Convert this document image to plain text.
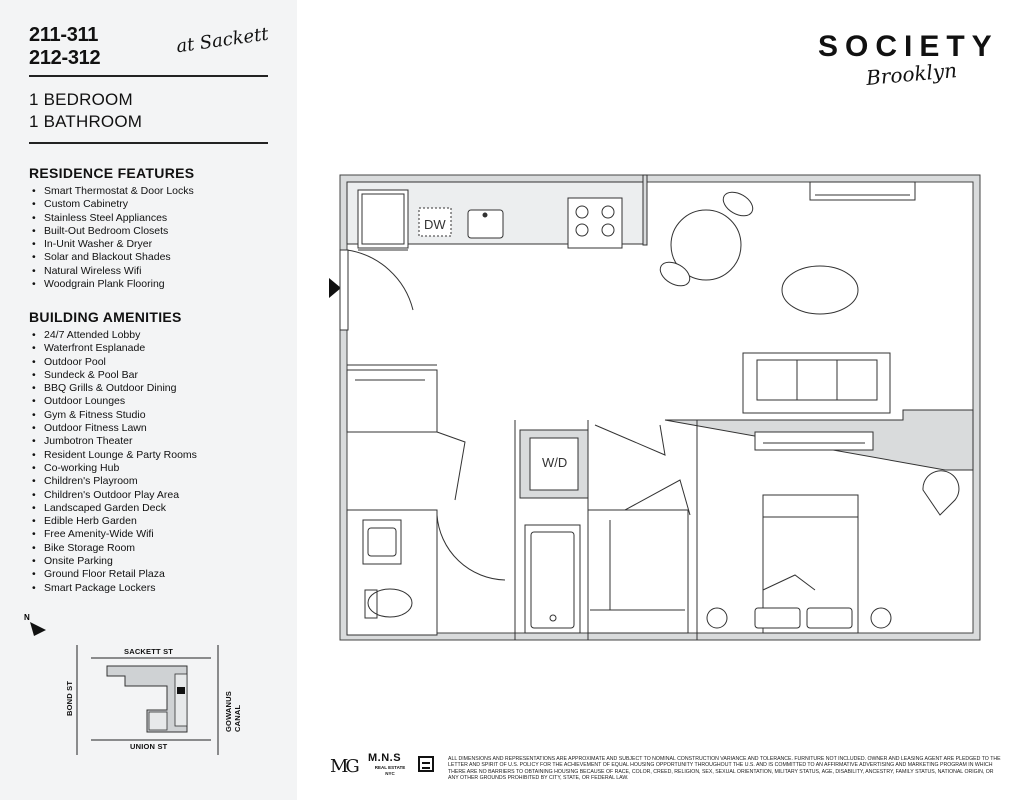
211-311
212-312
at Sackett
1 BEDROOM
1 BATHROOM
RESIDENCE FEATURES
• Smart Thermostat & Door Locks
• Custom Cabinetry
• Stainless Steel Appliances
• Built-Out Bedroom Closets
• In-Unit Washer & Dryer
• Solar and Blackout Shades
• Natural Wireless Wifi
• Woodgrain Plank Flooring
BUILDING AMENITIES
• 24/7 Attended Lobby
• Waterfront Esplanade
• Outdoor Pool
• Sundeck & Pool Bar
• BBQ Grills & Outdoor Dining
• Outdoor Lounges
• Gym & Fitness Studio
• Outdoor Fitness Lawn
• Jumbotron Theater
• Resident Lounge & Party Rooms
• Co-working Hub
• Children's Playroom
• Children's Outdoor Play Area
• Landscaped Garden Deck
• Edible Herb Garden
• Free Amenity-Wide Wifi
• Bike Storage Room
• Onsite Parking
• Ground Floor Retail Plaza
• Smart Package Lockers
N
SACKETT ST
UNION ST
BOND ST	GOWANUS CANAL
SOCIETY
Brooklyn
DW
W/D
MG M.N.S
REAL ESTATE NYC
ALL DIMENSIONS AND REPRESENTATIONS ARE APPROXIMATE AND SUBJECT TO NOMINAL CONSTRUCTION VARIANCE AND TOLERANCE. FURNITURE NOT INCLUDED. OWNER AND LEASING AGENT ARE PLEDGED TO THE LETTER AND SPIRIT OF U.S. POLICY FOR THE ACHIEVEMENT OF EQUAL HOUSING OPPORTUNITY THROUGHOUT THE U.S. AND IS COMMITTED TO AN AFFIRMATIVE ADVERTISING AND MARKETING PROGRAM IN WHICH THERE ARE NO BARRIERS TO OBTAINING HOUSING BECAUSE OF RACE, COLOR, CREED, RELIGION, SEX, SEXUAL ORIENTATION, MILITARY STATUS, AGE, DISABILITY, ANCESTRY, FAMILY STATUS, NATIONAL ORIGIN, OR ANY OTHER GROUNDS PROHIBITED BY CITY, STATE, OR FEDERAL LAW.
